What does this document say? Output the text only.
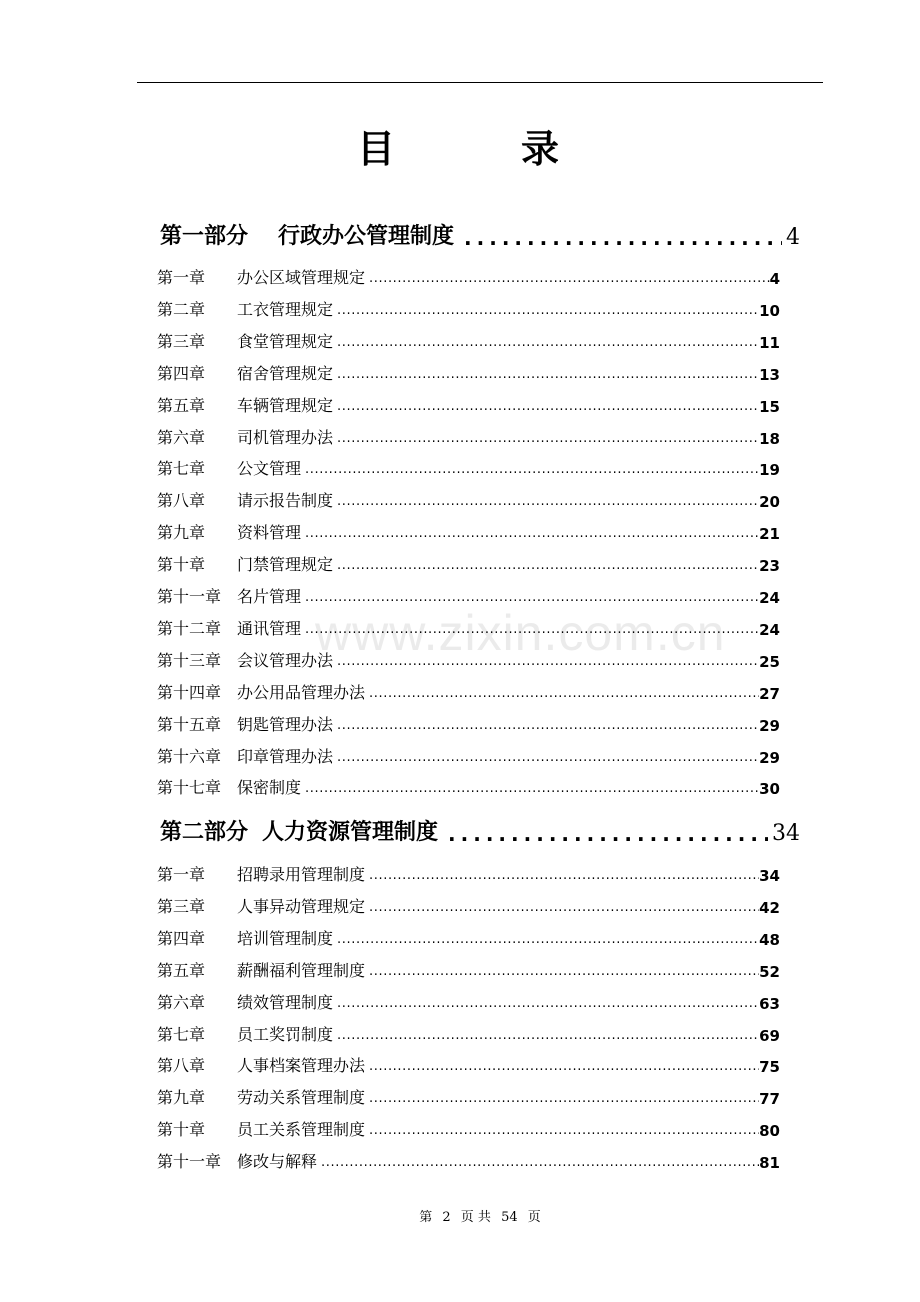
目　录
第一部分 行政办公管理制度 .....	4
第一章	办公区域管理规定 .....	4
第二章	工衣管理规定 .....	10
第三章	食堂管理规定 .....	11
第四章	宿舍管理规定 .....	13
第五章	车辆管理规定 .....	15
第六章	司机管理办法 .....	18
第七章	公文管理 .....	19
第八章	请示报告制度 .....	20
第九章	资料管理 .....	21
第十章	门禁管理规定 .....	23
第十一章 名片管理 .....	24
第十二章 通讯管理 .....	24
第十三章 会议管理办法 .....	25
第十四章 办公用品管理办法 .....	27
第十五章 钥匙管理办法 .....	29
第十六章 印章管理办法 .....	29
第十七章 保密制度 .....	30
第二部分 人力资源管理制度 .....	34
第一章	招聘录用管理制度 .....	34
第三章	人事异动管理规定 .....	42
第四章	培训管理制度 .....	48
第五章	薪酬福利管理制度 .....	52
第六章	绩效管理制度 .....	63
第七章	员工奖罚制度 .....	69
第八章	人事档案管理办法 .....	75
第九章	劳动关系管理制度 .....	77
第十章	员工关系管理制度 .....	80
第十一章 修改与解释 .....	81
www.zixin.com.cn
第 2 页 共 54 页
